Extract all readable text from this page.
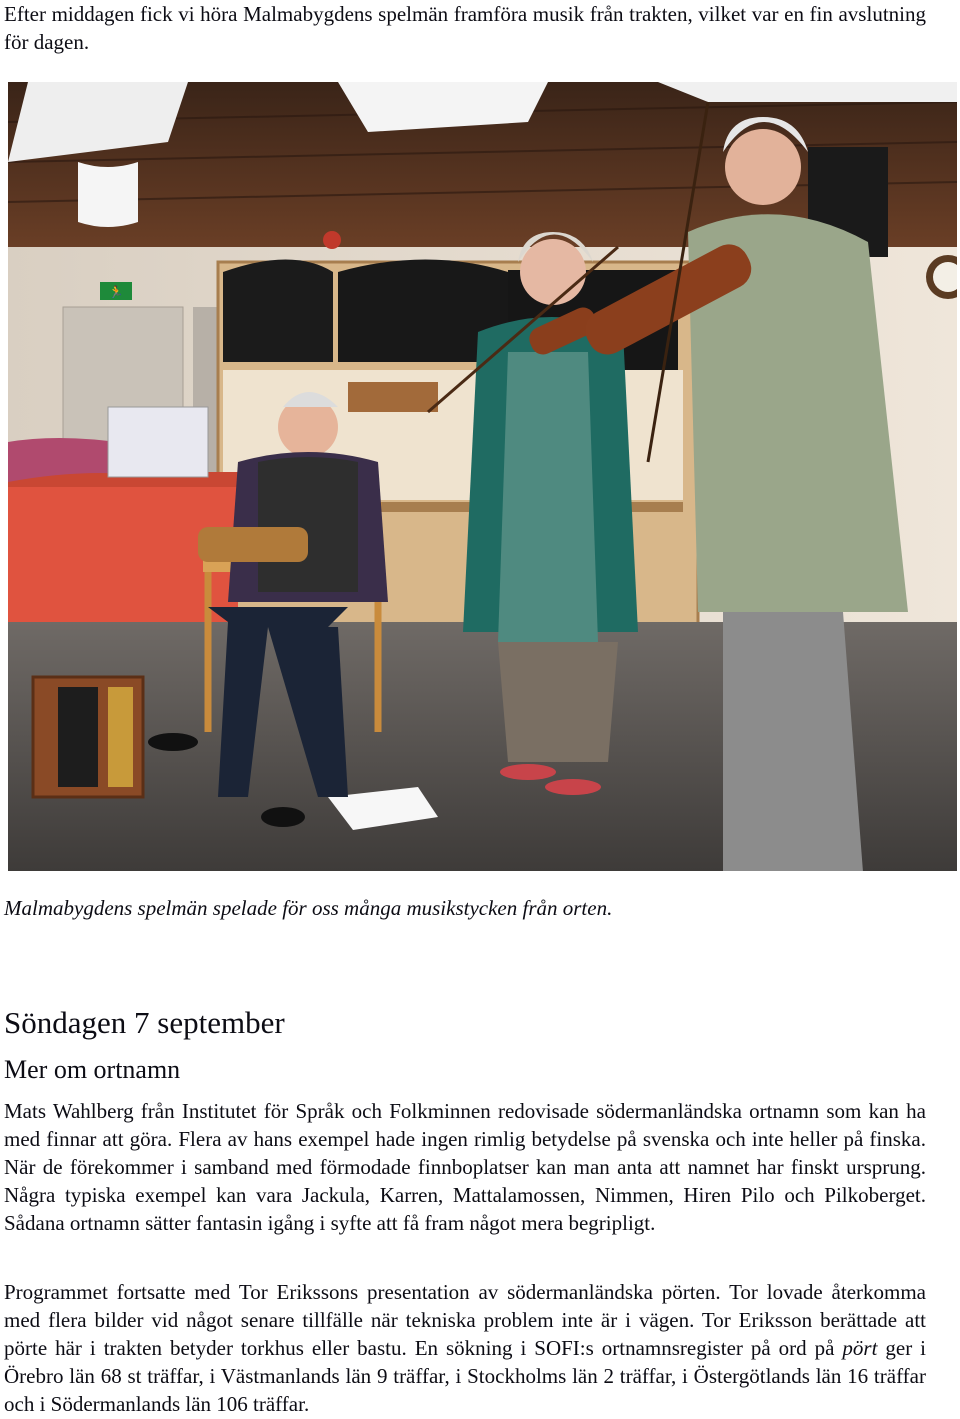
Efter middagen fick vi höra Malmabygdens spelmän framföra musik från trakten, vilket var en fin avslutning för dagen.

🏃

Malmabygdens spelmän spelade för oss många musikstycken från orten.

Söndagen 7 september
Mer om ortnamn

Mats Wahlberg från Institutet för Språk och Folkminnen redovisade södermanländska ortnamn som kan ha med finnar att göra. Flera av hans exempel hade ingen rimlig betydelse på svenska och inte heller på finska. När de förekommer i samband med förmodade finnboplatser kan man anta att namnet har finskt ursprung. Några typiska exempel kan vara Jackula, Karren, Mattalamossen, Nimmen, Hiren Pilo och Pilkoberget. Sådana ortnamn sätter fantasin igång i syfte att få fram något mera begripligt.

Programmet fortsatte med Tor Erikssons presentation av södermanländska pörten. Tor lovade återkomma med flera bilder vid något senare tillfälle när tekniska problem inte är i vägen. Tor Eriksson berättade att pörte här i trakten betyder torkhus eller bastu. En sökning i SOFI:s ortnamnsregister på ord på pört ger i Örebro län 68 st träffar, i Västmanlands län 9 träffar, i Stockholms län 2 träffar, i Östergötlands län 16 träffar och i Södermanlands län 106 träffar.
